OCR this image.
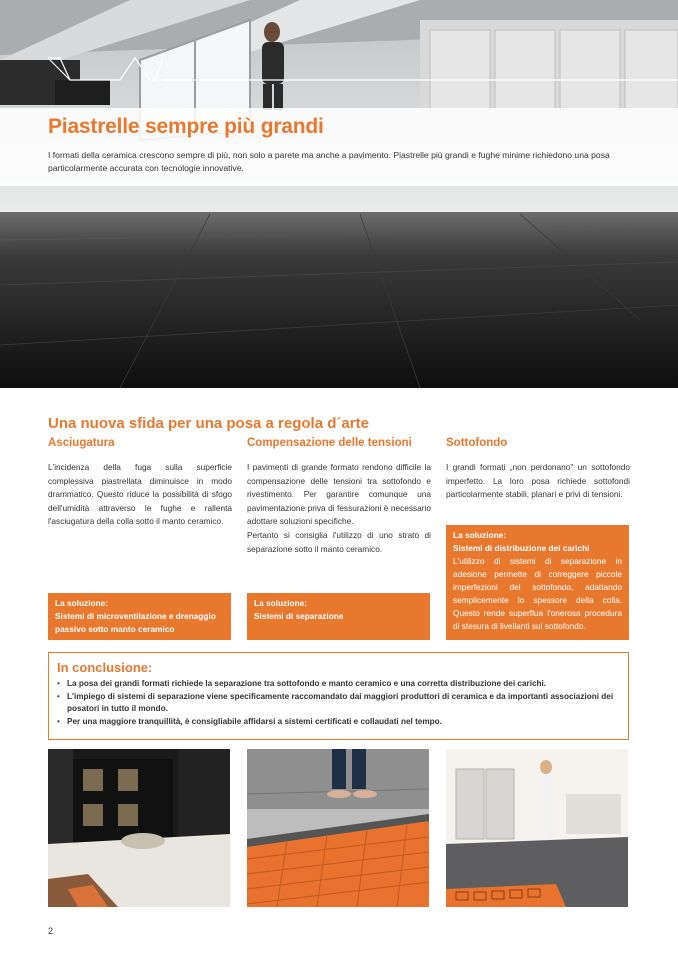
Piastrelle sempre più grandi

I formati della ceramica crescono sempre di più, non solo a parete ma anche a pavimento. Piastrelle più grandi e fughe minime richiedono una posa particolarmente accurata con tecnologie innovative.

Una nuova sfida per una posa a regola d´arte
Asciugatura

L'incidenza della fuga sulla superficie complessiva piastrellata diminuisce in modo drammatico. Questo riduce la possibilità di sfogo dell'umidità attraverso le fughe e rallenta l'asciugatura della colla sotto il manto ceramico.

Compensazione delle tensioni

I pavimenti di grande formato rendono difficile la compensazione delle tensioni tra sottofondo e rivestimento. Per garantire comunque una pavimentazione priva di fessurazioni è necessario adottare soluzioni specifiche.

Pertanto si consiglia l'utilizzo di uno strato di separazione sotto il manto ceramico.

Sottofondo

I grandi formati „non perdonano" un sottofondo imperfetto. La loro posa richiede sottofondi particolarmente stabili, planari e privi di tensioni.

La soluzione:
Sistemi di microventilazione e drenaggio passivo sotto manto ceramico
La soluzione:
Sistemi di separazione
La soluzione:
Sistemi di distribuzione dei carichi
L'utilizzo di sistemi di separazione in adesione permette di correggere piccole imperfezioni del sottofondo, adattando semplicemente lo spessore della colla. Questo rende superflua l'onerosa procedura di stesura di livellanti sul sottofondo.
In conclusione:
• La posa dei grandi formati richiede la separazione tra sottofondo e manto ceramico e una corretta distribuzione dei carichi.
• L'impiego di sistemi di separazione viene specificamente raccomandato dai maggiori produttori di ceramica e da importanti associazioni dei posatori in tutto il mondo.
• Per una maggiore tranquillità, è consigliabile affidarsi a sistemi certificati e collaudati nel tempo.
2
